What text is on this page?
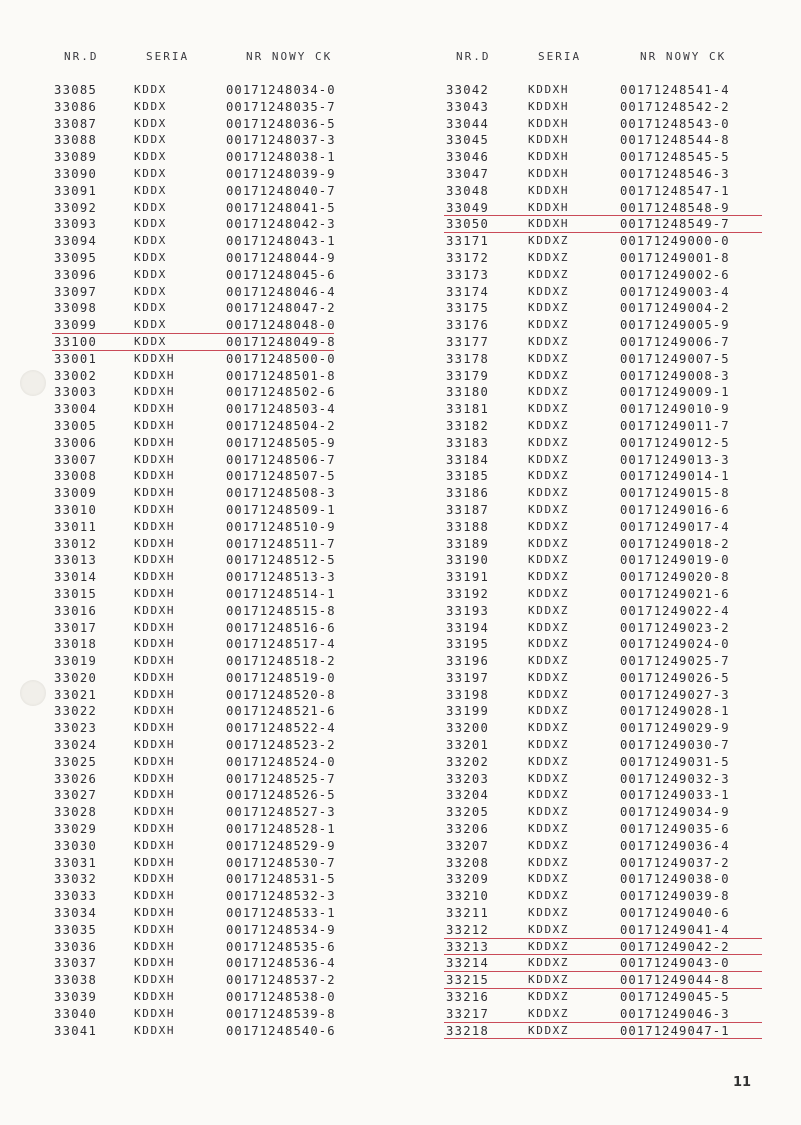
NR.D	SERIA	NR NOWY CK
33085	KDDX	00171248034-0
33086	KDDX	00171248035-7
33087	KDDX	00171248036-5
33088	KDDX	00171248037-3
33089	KDDX	00171248038-1
33090	KDDX	00171248039-9
33091	KDDX	00171248040-7
33092	KDDX	00171248041-5
33093	KDDX	00171248042-3
33094	KDDX	00171248043-1
33095	KDDX	00171248044-9
33096	KDDX	00171248045-6
33097	KDDX	00171248046-4
33098	KDDX	00171248047-2
33099	KDDX	00171248048-0
33100	KDDX	00171248049-8
33001	KDDXH	00171248500-0
33002	KDDXH	00171248501-8
33003	KDDXH	00171248502-6
33004	KDDXH	00171248503-4
33005	KDDXH	00171248504-2
33006	KDDXH	00171248505-9
33007	KDDXH	00171248506-7
33008	KDDXH	00171248507-5
33009	KDDXH	00171248508-3
33010	KDDXH	00171248509-1
33011	KDDXH	00171248510-9
33012	KDDXH	00171248511-7
33013	KDDXH	00171248512-5
33014	KDDXH	00171248513-3
33015	KDDXH	00171248514-1
33016	KDDXH	00171248515-8
33017	KDDXH	00171248516-6
33018	KDDXH	00171248517-4
33019	KDDXH	00171248518-2
33020	KDDXH	00171248519-0
33021	KDDXH	00171248520-8
33022	KDDXH	00171248521-6
33023	KDDXH	00171248522-4
33024	KDDXH	00171248523-2
33025	KDDXH	00171248524-0
33026	KDDXH	00171248525-7
33027	KDDXH	00171248526-5
33028	KDDXH	00171248527-3
33029	KDDXH	00171248528-1
33030	KDDXH	00171248529-9
33031	KDDXH	00171248530-7
33032	KDDXH	00171248531-5
33033	KDDXH	00171248532-3
33034	KDDXH	00171248533-1
33035	KDDXH	00171248534-9
33036	KDDXH	00171248535-6
33037	KDDXH	00171248536-4
33038	KDDXH	00171248537-2
33039	KDDXH	00171248538-0
33040	KDDXH	00171248539-8
33041	KDDXH	00171248540-6
NR.D	SERIA	NR NOWY CK
33042	KDDXH	00171248541-4
33043	KDDXH	00171248542-2
33044	KDDXH	00171248543-0
33045	KDDXH	00171248544-8
33046	KDDXH	00171248545-5
33047	KDDXH	00171248546-3
33048	KDDXH	00171248547-1
33049	KDDXH	00171248548-9
33050	KDDXH	00171248549-7
33171	KDDXZ	00171249000-0
33172	KDDXZ	00171249001-8
33173	KDDXZ	00171249002-6
33174	KDDXZ	00171249003-4
33175	KDDXZ	00171249004-2
33176	KDDXZ	00171249005-9
33177	KDDXZ	00171249006-7
33178	KDDXZ	00171249007-5
33179	KDDXZ	00171249008-3
33180	KDDXZ	00171249009-1
33181	KDDXZ	00171249010-9
33182	KDDXZ	00171249011-7
33183	KDDXZ	00171249012-5
33184	KDDXZ	00171249013-3
33185	KDDXZ	00171249014-1
33186	KDDXZ	00171249015-8
33187	KDDXZ	00171249016-6
33188	KDDXZ	00171249017-4
33189	KDDXZ	00171249018-2
33190	KDDXZ	00171249019-0
33191	KDDXZ	00171249020-8
33192	KDDXZ	00171249021-6
33193	KDDXZ	00171249022-4
33194	KDDXZ	00171249023-2
33195	KDDXZ	00171249024-0
33196	KDDXZ	00171249025-7
33197	KDDXZ	00171249026-5
33198	KDDXZ	00171249027-3
33199	KDDXZ	00171249028-1
33200	KDDXZ	00171249029-9
33201	KDDXZ	00171249030-7
33202	KDDXZ	00171249031-5
33203	KDDXZ	00171249032-3
33204	KDDXZ	00171249033-1
33205	KDDXZ	00171249034-9
33206	KDDXZ	00171249035-6
33207	KDDXZ	00171249036-4
33208	KDDXZ	00171249037-2
33209	KDDXZ	00171249038-0
33210	KDDXZ	00171249039-8
33211	KDDXZ	00171249040-6
33212	KDDXZ	00171249041-4
33213	KDDXZ	00171249042-2
33214	KDDXZ	00171249043-0
33215	KDDXZ	00171249044-8
33216	KDDXZ	00171249045-5
33217	KDDXZ	00171249046-3
33218	KDDXZ	00171249047-1
11
